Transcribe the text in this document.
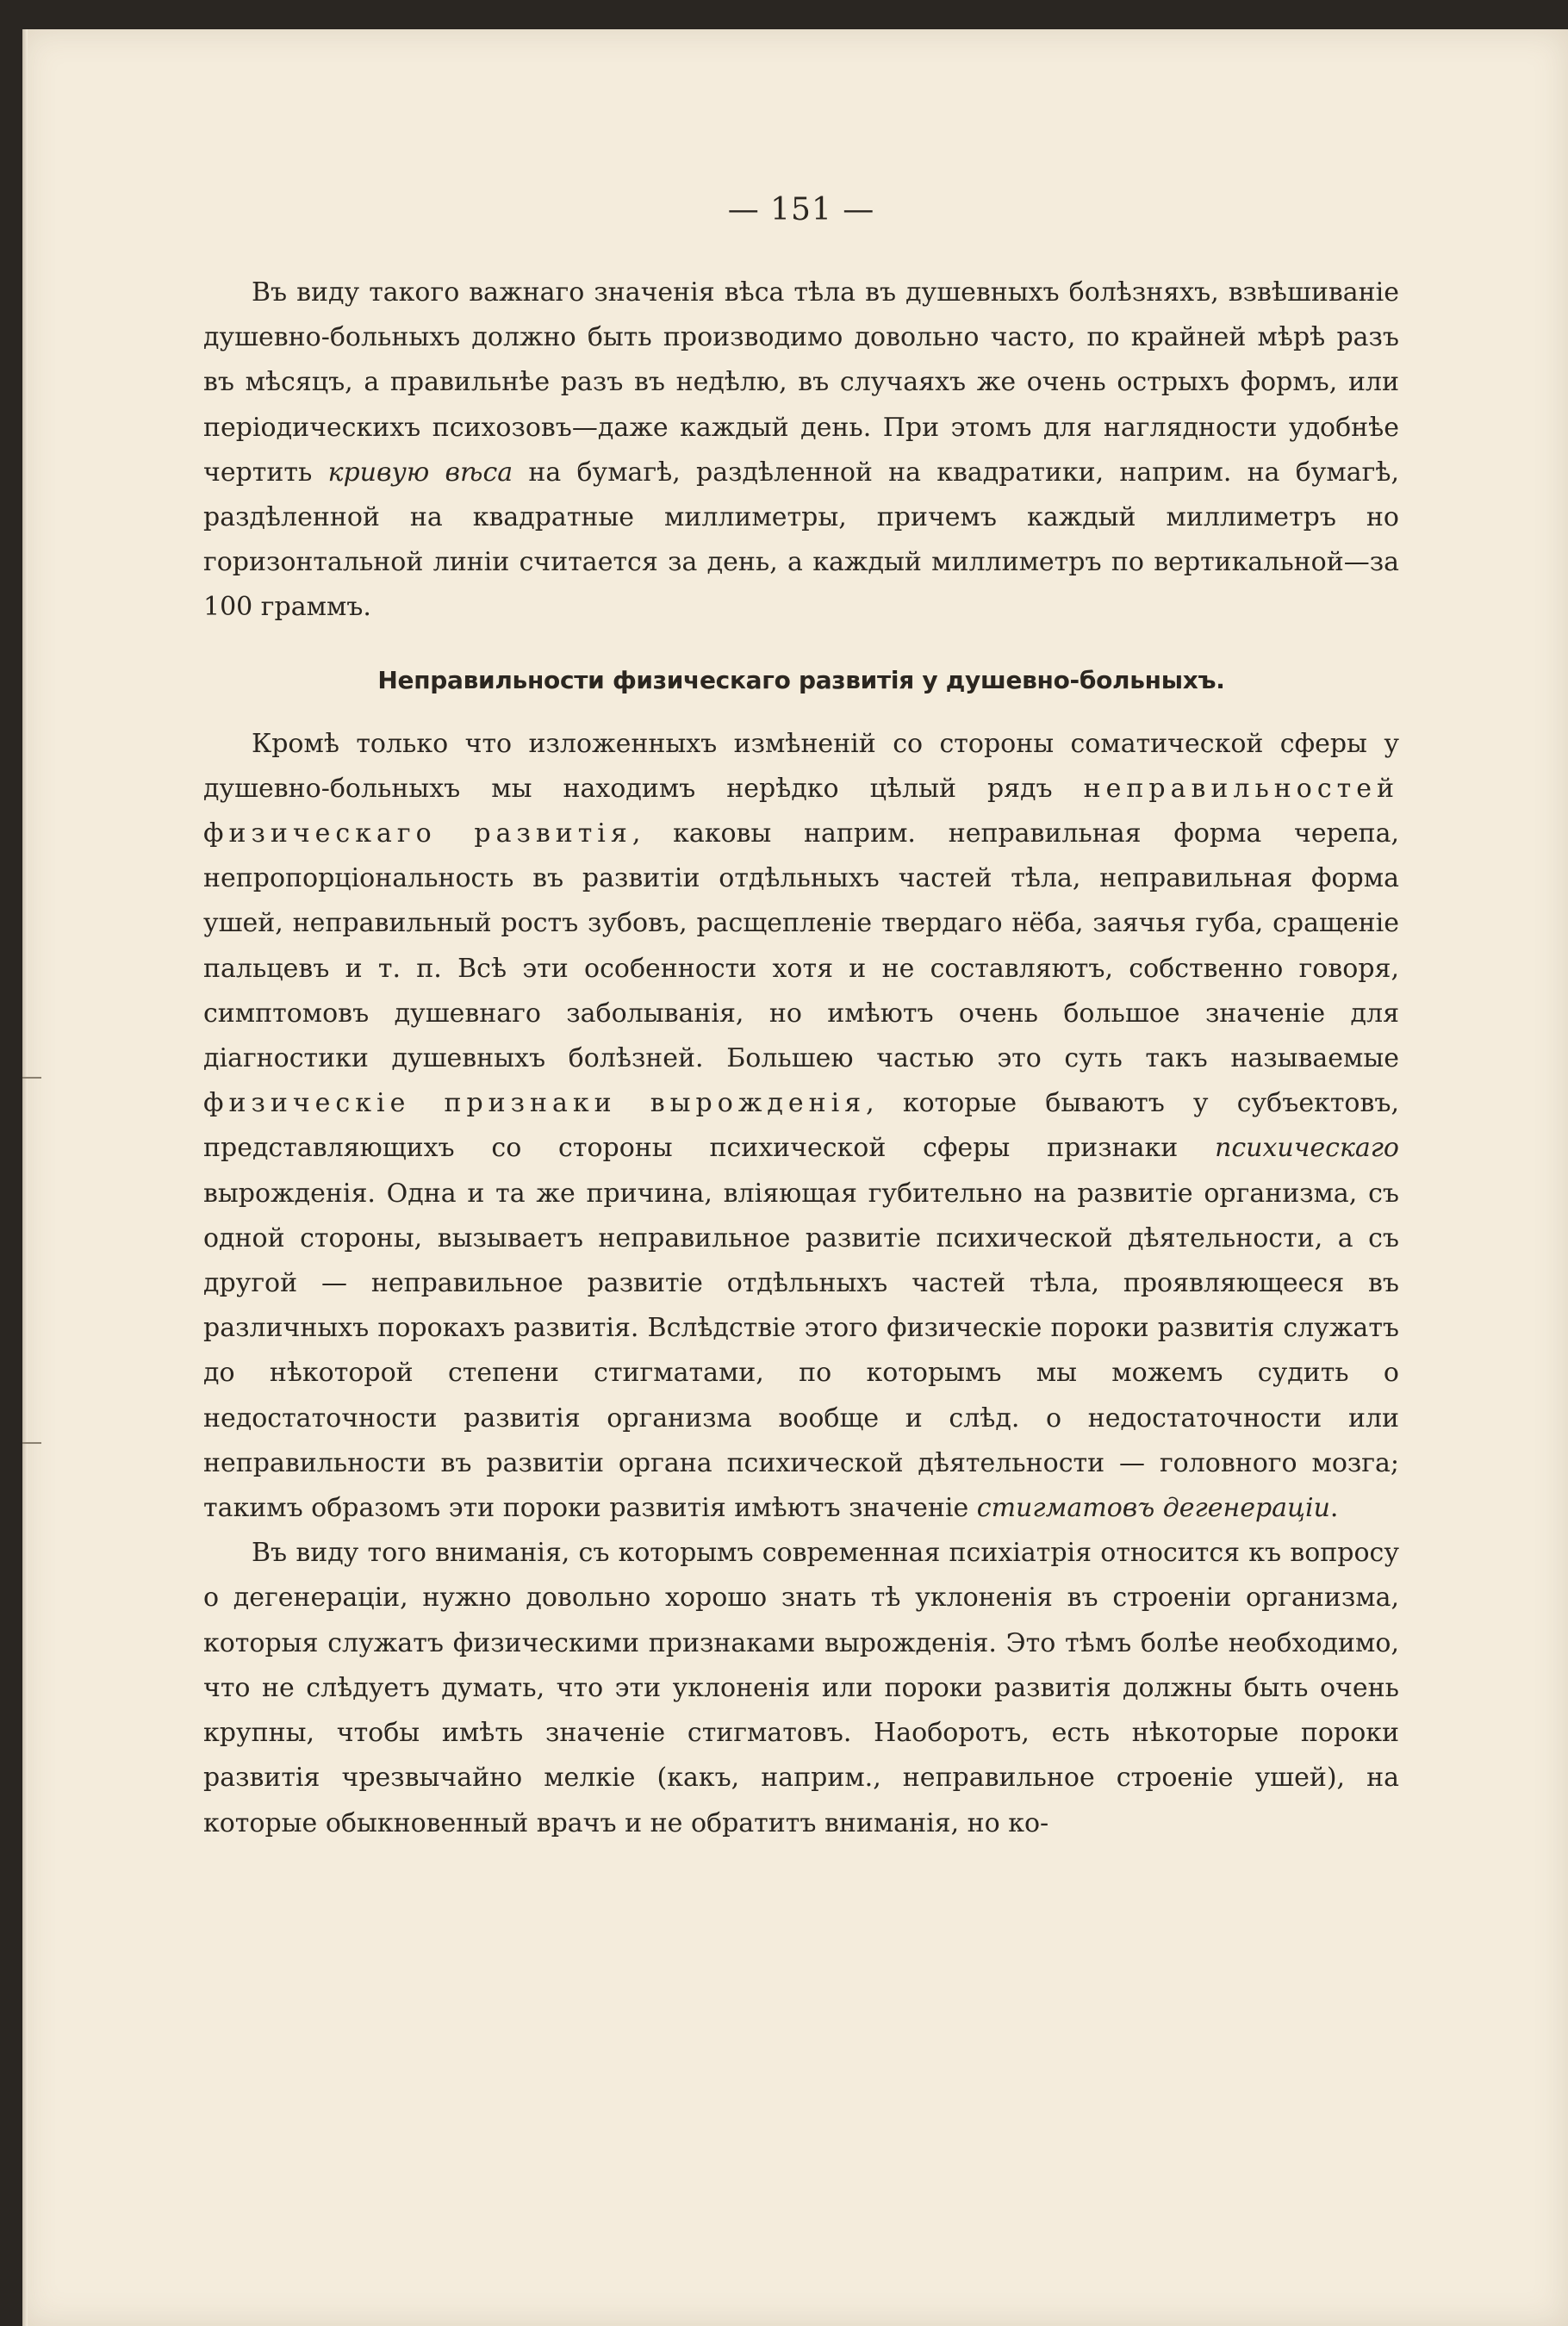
— 151 —

Въ виду такого важнаго значенія вѣса тѣла въ душевныхъ болѣзняхъ, взвѣшиваніе душевно-больныхъ должно быть производимо довольно часто, по крайней мѣрѣ разъ въ мѣсяцъ, а правильнѣе разъ въ недѣлю, въ случаяхъ же очень острыхъ формъ, или періодическихъ психозовъ—даже каждый день. При этомъ для наглядности удобнѣе чертить кривую вѣса на бумагѣ, раздѣленной на квадратики, наприм. на бумагѣ, раздѣленной на квадратные миллиметры, причемъ каждый миллиметръ но горизонтальной линіи считается за день, а каждый миллиметръ по вертикальной—за 100 граммъ.

Неправильности физическаго развитія у душевно-больныхъ.

Кромѣ только что изложенныхъ измѣненій со стороны соматической сферы у душевно-больныхъ мы находимъ нерѣдко цѣлый рядъ неправильностей физическаго развитія, каковы наприм. неправильная форма черепа, непропорціональность въ развитіи отдѣльныхъ частей тѣла, неправильная форма ушей, неправильный ростъ зубовъ, расщепленіе твердаго нёба, заячья губа, сращеніе пальцевъ и т. п. Всѣ эти особенности хотя и не составляютъ, собственно говоря, симптомовъ душевнаго заболыванія, но имѣютъ очень большое значеніе для діагностики душевныхъ болѣзней. Большею частью это суть такъ называемые физическіе признаки вырожденія, которые бываютъ у субъектовъ, представляющихъ со стороны психической сферы признаки психическаго вырожденія. Одна и та же причина, вліяющая губительно на развитіе организма, съ одной стороны, вызываетъ неправильное развитіе психической дѣятельности, а съ другой — неправильное развитіе отдѣльныхъ частей тѣла, проявляющееся въ различныхъ порокахъ развитія. Вслѣдствіе этого физическіе пороки развитія служатъ до нѣкоторой степени стигматами, по которымъ мы можемъ судить о недостаточности развитія организма вообще и слѣд. о недостаточности или неправильности въ развитіи органа психической дѣятельности — головного мозга; такимъ образомъ эти пороки развитія имѣютъ значеніе стигматовъ дегенераціи.

Въ виду того вниманія, съ которымъ современная психіатрія относится къ вопросу о дегенераціи, нужно довольно хорошо знать тѣ уклоненія въ строеніи организма, которыя служатъ физическими признаками вырожденія. Это тѣмъ болѣе необходимо, что не слѣдуетъ думать, что эти уклоненія или пороки развитія должны быть очень крупны, чтобы имѣть значеніе стигматовъ. Наоборотъ, есть нѣкоторые пороки развитія чрезвычайно мелкіе (какъ, наприм., неправильное строеніе ушей), на которые обыкновенный врачъ и не обратитъ вниманія, но ко-
